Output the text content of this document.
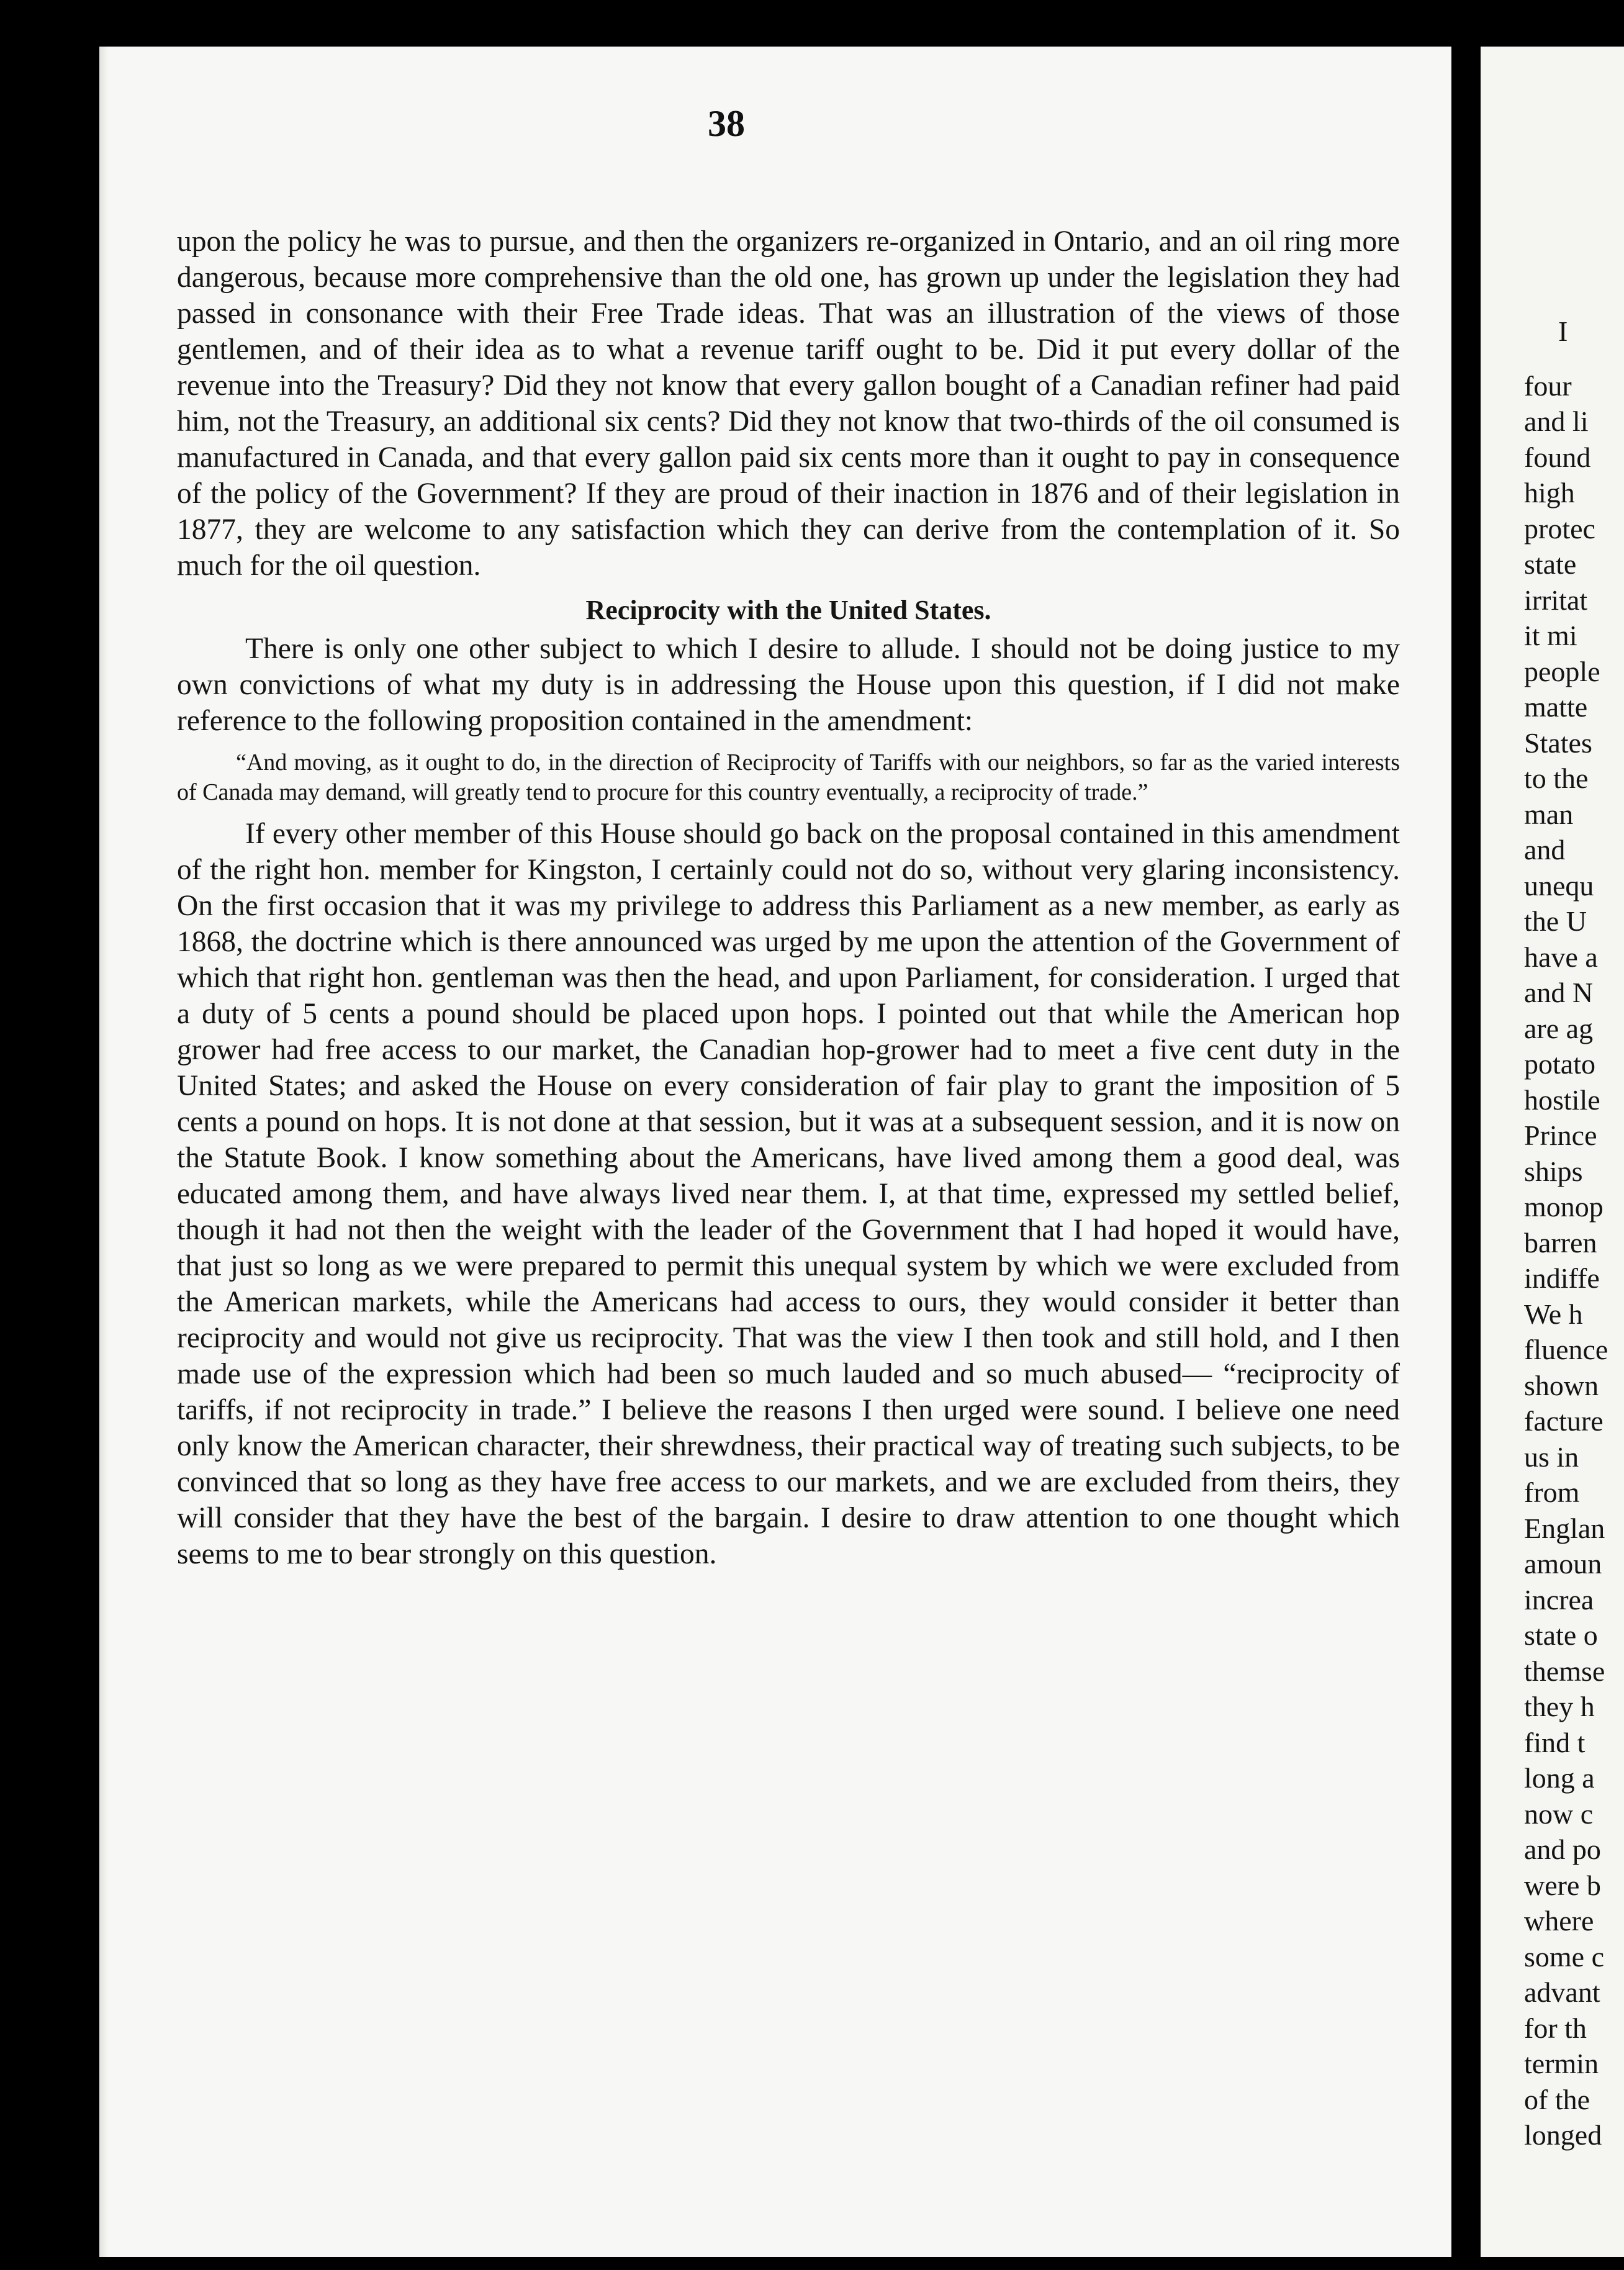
38

upon the policy he was to pursue, and then the organizers re-organized in Ontario, and an oil ring more dangerous, because more comprehensive than the old one, has grown up under the legislation they had passed in consonance with their Free Trade ideas. That was an illustration of the views of those gentlemen, and of their idea as to what a revenue tariff ought to be. Did it put every dollar of the revenue into the Treasury? Did they not know that every gallon bought of a Canadian refiner had paid him, not the Treasury, an additional six cents? Did they not know that two-thirds of the oil consumed is manufactured in Canada, and that every gallon paid six cents more than it ought to pay in consequence of the policy of the Government? If they are proud of their inaction in 1876 and of their legislation in 1877, they are welcome to any satisfaction which they can derive from the contemplation of it. So much for the oil question.

Reciprocity with the United States.

There is only one other subject to which I desire to allude. I should not be doing justice to my own convictions of what my duty is in addressing the House upon this question, if I did not make reference to the following proposition contained in the amendment:

“And moving, as it ought to do, in the direction of Reciprocity of Tariffs with our neighbors, so far as the varied interests of Canada may demand, will greatly tend to procure for this country eventually, a reciprocity of trade.”

If every other member of this House should go back on the proposal contained in this amendment of the right hon. member for Kingston, I certainly could not do so, without very glaring inconsistency. On the first occasion that it was my privilege to address this Parliament as a new member, as early as 1868, the doctrine which is there announced was urged by me upon the attention of the Government of which that right hon. gentleman was then the head, and upon Parliament, for consideration. I urged that a duty of 5 cents a pound should be placed upon hops. I pointed out that while the American hop grower had free access to our market, the Canadian hop-grower had to meet a five cent duty in the United States; and asked the House on every consideration of fair play to grant the imposition of 5 cents a pound on hops. It is not done at that session, but it was at a subsequent session, and it is now on the Statute Book. I know something about the Americans, have lived among them a good deal, was educated among them, and have always lived near them. I, at that time, expressed my settled belief, though it had not then the weight with the leader of the Government that I had hoped it would have, that just so long as we were prepared to permit this unequal system by which we were excluded from the American markets, while the Americans had access to ours, they would consider it better than reciprocity and would not give us reciprocity. That was the view I then took and still hold, and I then made use of the expression which had been so much lauded and so much abused— “reciprocity of tariffs, if not reciprocity in trade.” I believe the reasons I then urged were sound. I believe one need only know the American character, their shrewdness, their practical way of treating such subjects, to be convinced that so long as they have free access to our markets, and we are excluded from theirs, they will consider that they have the best of the bargain. I desire to draw attention to one thought which seems to me to bear strongly on this question.

I
four
and li
found
high
protec
state
irritat
it mi
people
matte
States
to the
man
and
unequ
the U
have a
and N
are ag
potato
hostile
Prince
ships
monop
barren
indiffe
We h
fluence
shown
facture
us in
from
Englan
amoun
increa
state o
themse
they h
find t
long a
now c
and po
were b
where
some c
advant
for th
termin
of the
longed
